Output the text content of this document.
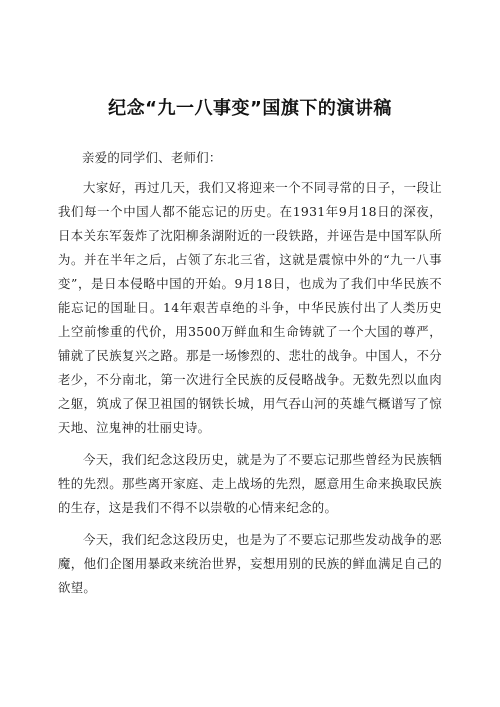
纪念“九一八事变”国旗下的演讲稿

亲爱的同学们、老师们：

大家好，再过几天，我们又将迎来一个不同寻常的日子，一段让我们每一个中国人都不能忘记的历史。在1931年9月18日的深夜，日本关东军轰炸了沈阳柳条湖附近的一段铁路，并诬告是中国军队所为。并在半年之后，占领了东北三省，这就是震惊中外的“九一八事变”，是日本侵略中国的开始。9月18日，也成为了我们中华民族不能忘记的国耻日。14年艰苦卓绝的斗争，中华民族付出了人类历史上空前惨重的代价，用3500万鲜血和生命铸就了一个大国的尊严，铺就了民族复兴之路。那是一场惨烈的、悲壮的战争。中国人，不分老少，不分南北，第一次进行全民族的反侵略战争。无数先烈以血肉之躯，筑成了保卫祖国的钢铁长城，用气吞山河的英雄气概谱写了惊天地、泣鬼神的壮丽史诗。

今天，我们纪念这段历史，就是为了不要忘记那些曾经为民族牺牲的先烈。那些离开家庭、走上战场的先烈，愿意用生命来换取民族的生存，这是我们不得不以崇敬的心情来纪念的。

今天，我们纪念这段历史，也是为了不要忘记那些发动战争的恶魔，他们企图用暴政来统治世界，妄想用别的民族的鲜血满足自己的欲望。
